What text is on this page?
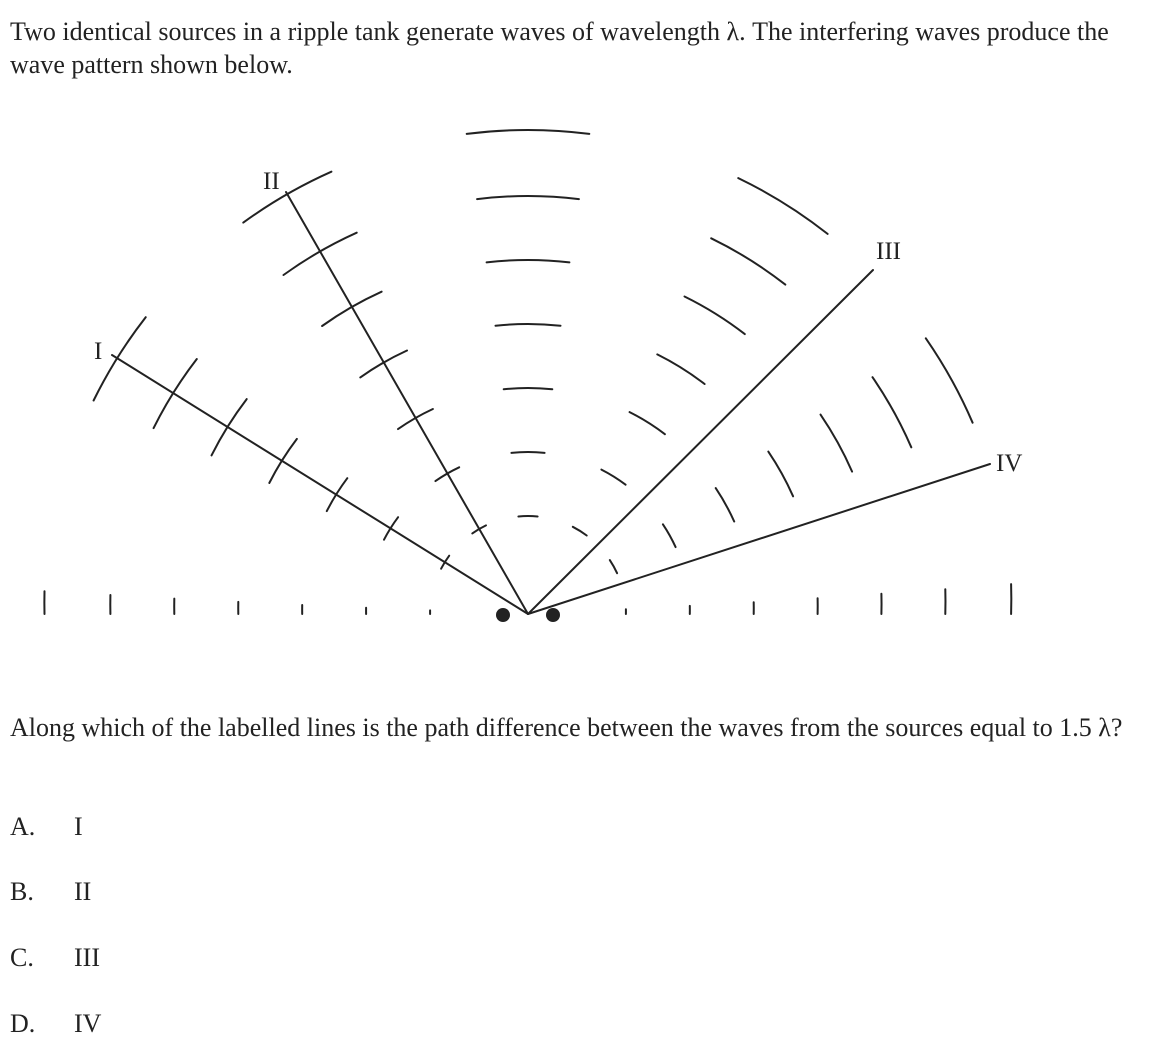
Two identical sources in a ripple tank generate waves of wavelength λ. The interfering waves produce the wave pattern shown below.

I
II
III
IV

Along which of the labelled lines is the path difference between the waves from the sources equal to 1.5 λ?

A. I
B. II
C. III
D. IV
